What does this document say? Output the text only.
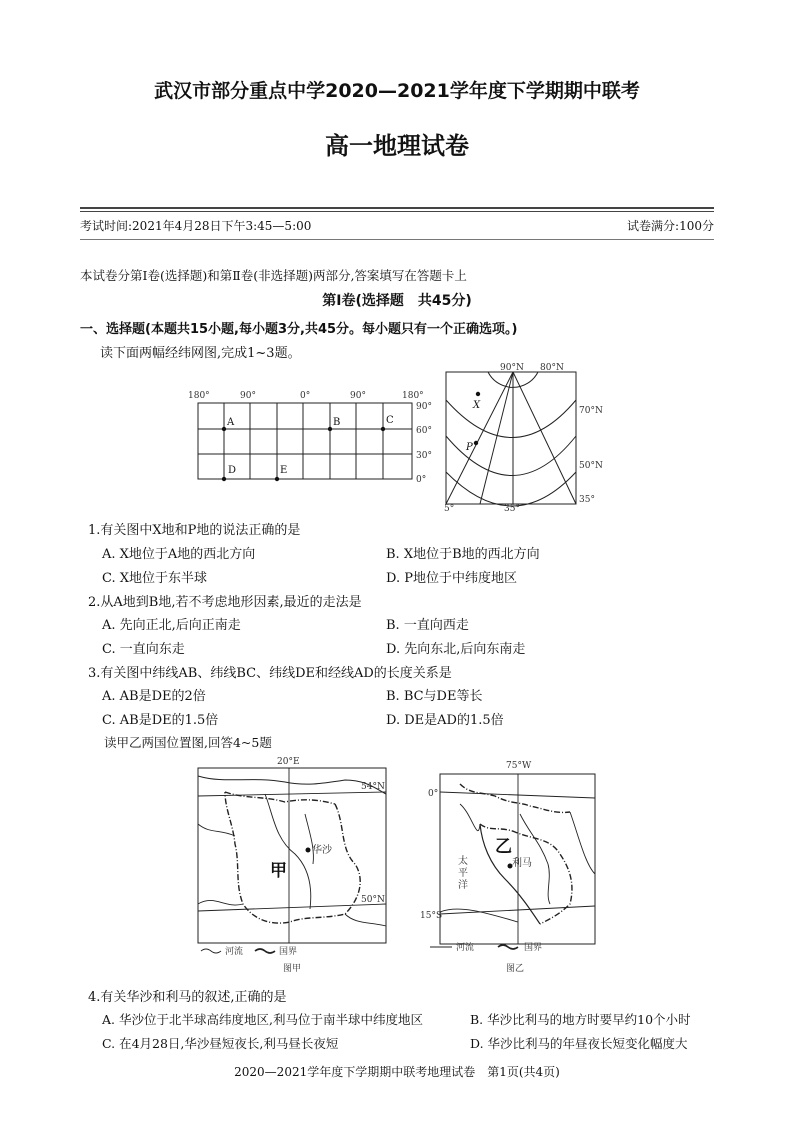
武汉市部分重点中学2020—2021学年度下学期期中联考
高一地理试卷
考试时间:2021年4月28日下午3:45—5:00	试卷满分:100分
本试卷分第Ⅰ卷(选择题)和第Ⅱ卷(非选择题)两部分,答案填写在答题卡上
第Ⅰ卷(选择题　共45分)
一、选择题(本题共15小题,每小题3分,共45分。每小题只有一个正确选项。)
读下面两幅经纬网图,完成1~3题。
180°	90°	0°	90°	180°
90°
60°
30°
0°
A	B	C
D	E
90°N 80°N
70°N
50°N
35°
5°	35°
X
P
1.有关图中X地和P地的说法正确的是
A. X地位于A地的西北方向	B. X地位于B地的西北方向
C. X地位于东半球	D. P地位于中纬度地区
2.从A地到B地,若不考虑地形因素,最近的走法是
A. 先向正北,后向正南走	B. 一直向西走
C. 一直向东走	D. 先向东北,后向东南走
3.有关图中纬线AB、纬线BC、纬线DE和经线AD的长度关系是
A. AB是DE的2倍	B. BC与DE等长
C. AB是DE的1.5倍	D. DE是AD的1.5倍
读甲乙两国位置图,回答4~5题
20°E
54°N
50°N
华沙
甲
河流	国界
图甲
75°W
0°
15°S
利马
太
平
洋
乙
河流	国界
图乙
4.有关华沙和利马的叙述,正确的是
A. 华沙位于北半球高纬度地区,利马位于南半球中纬度地区	B. 华沙比利马的地方时要早约10个小时
C. 在4月28日,华沙昼短夜长,利马昼长夜短	D. 华沙比利马的年昼夜长短变化幅度大
2020—2021学年度下学期期中联考地理试卷　第1页(共4页)
